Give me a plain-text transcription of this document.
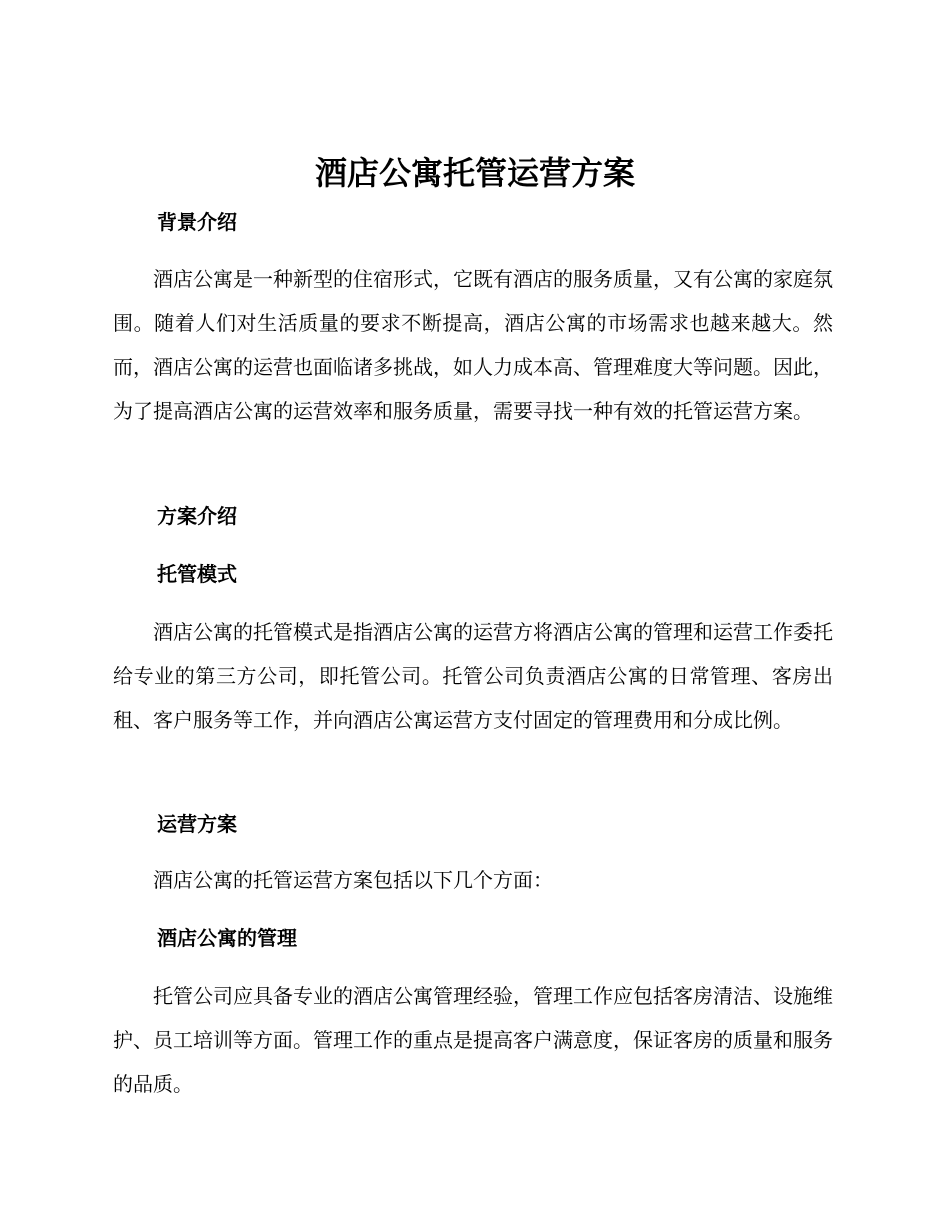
酒店公寓托管运营方案
背景介绍

酒店公寓是一种新型的住宿形式，它既有酒店的服务质量，又有公寓的家庭氛围。随着人们对生活质量的要求不断提高，酒店公寓的市场需求也越来越大。然而，酒店公寓的运营也面临诸多挑战，如人力成本高、管理难度大等问题。因此，为了提高酒店公寓的运营效率和服务质量，需要寻找一种有效的托管运营方案。

方案介绍
托管模式

酒店公寓的托管模式是指酒店公寓的运营方将酒店公寓的管理和运营工作委托给专业的第三方公司，即托管公司。托管公司负责酒店公寓的日常管理、客房出租、客户服务等工作，并向酒店公寓运营方支付固定的管理费用和分成比例。

运营方案

酒店公寓的托管运营方案包括以下几个方面：

酒店公寓的管理

托管公司应具备专业的酒店公寓管理经验，管理工作应包括客房清洁、设施维护、员工培训等方面。管理工作的重点是提高客户满意度，保证客房的质量和服务的品质。
